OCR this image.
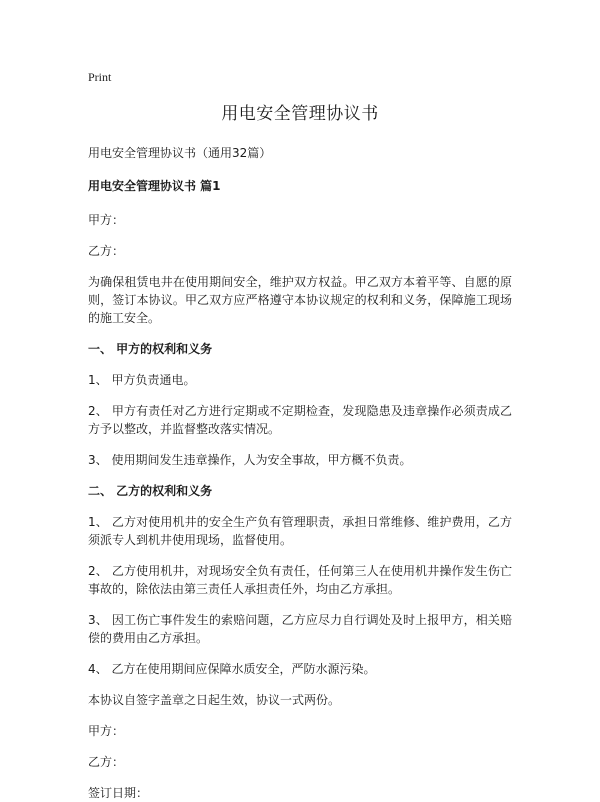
Print
用电安全管理协议书
用电安全管理协议书（通用32篇）
用电安全管理协议书 篇1
甲方：
乙方：
为确保租赁电井在使用期间安全，维护双方权益。甲乙双方本着平等、自愿的原则，签订本协议。甲乙双方应严格遵守本协议规定的权利和义务，保障施工现场的施工安全。
一、 甲方的权利和义务
1、 甲方负责通电。
2、 甲方有责任对乙方进行定期或不定期检查，发现隐患及违章操作必须责成乙方予以整改，并监督整改落实情况。
3、 使用期间发生违章操作，人为安全事故，甲方概不负责。
二、 乙方的权利和义务
1、 乙方对使用机井的安全生产负有管理职责，承担日常维修、维护费用，乙方须派专人到机井使用现场，监督使用。
2、 乙方使用机井，对现场安全负有责任，任何第三人在使用机井操作发生伤亡事故的，除依法由第三责任人承担责任外，均由乙方承担。
3、 因工伤亡事件发生的索赔问题，乙方应尽力自行调处及时上报甲方，相关赔偿的费用由乙方承担。
4、 乙方在使用期间应保障水质安全，严防水源污染。
本协议自签字盖章之日起生效，协议一式两份。
甲方：
乙方：
签订日期：
